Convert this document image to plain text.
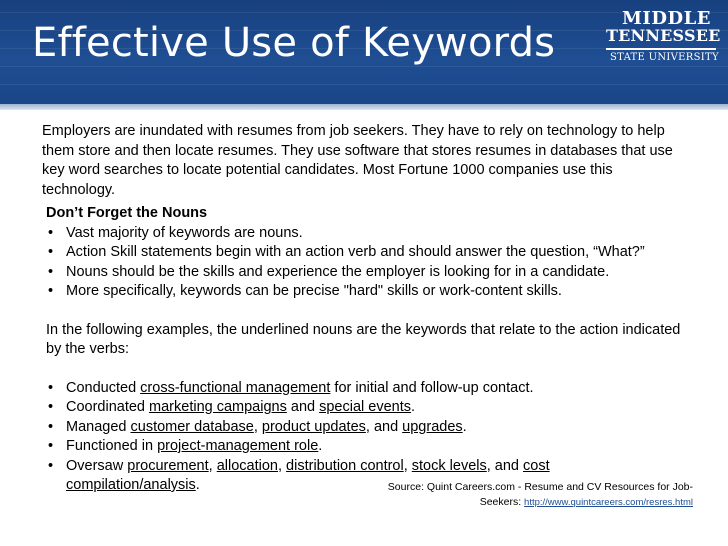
Effective Use of Keywords
MIDDLE
TENNESSEE
STATE UNIVERSITY
Employers are inundated with resumes from job seekers. They have to rely on technology to help them store and then locate resumes. They use software that stores resumes in databases that use key word searches to locate potential candidates. Most Fortune 1000 companies use this technology.
Don’t Forget the Nouns
• Vast majority of keywords are nouns.
• Action Skill statements begin with an action verb and should answer the question, “What?”
• Nouns should be the skills and experience the employer is looking for in a candidate.
• More specifically, keywords can be precise "hard" skills or work-content skills.
In the following examples, the underlined nouns are the keywords that relate to the action indicated by the verbs:
• Conducted cross-functional management for initial and follow-up contact.
• Coordinated marketing campaigns and special events.
• Managed customer database, product updates, and upgrades.
• Functioned in project-management role.
• Oversaw procurement, allocation, distribution control, stock levels, and cost compilation/analysis.	Source: Quint Careers.com - Resume and CV Resources for Job-
Seekers: http://www.quintcareers.com/resres.html
